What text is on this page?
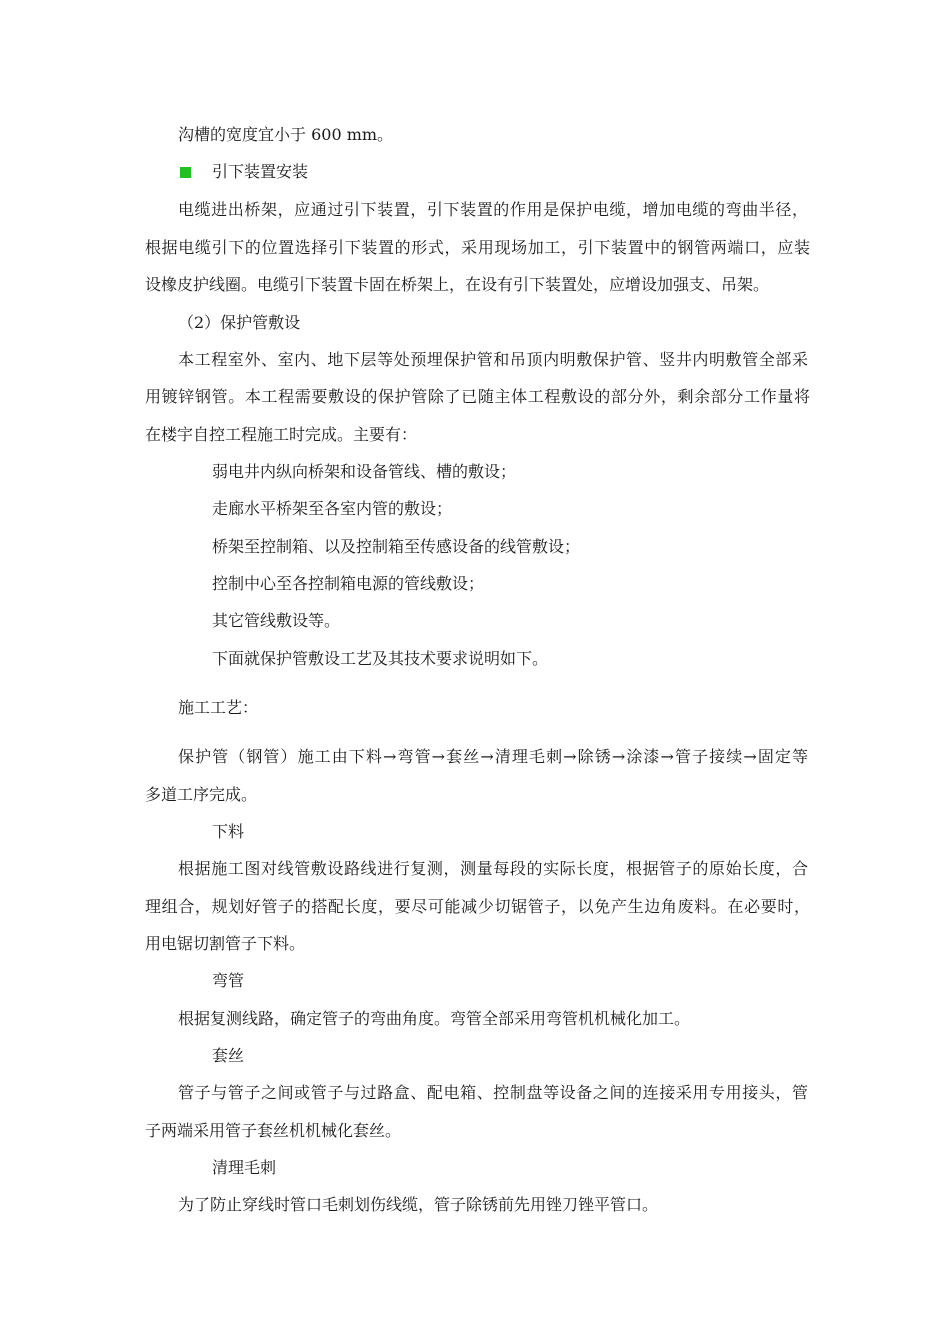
沟槽的宽度宜小于 600 mm。
引下装置安装
电缆进出桥架，应通过引下装置，引下装置的作用是保护电缆，增加电缆的弯曲半径，
根据电缆引下的位置选择引下装置的形式，采用现场加工，引下装置中的钢管两端口，应装
设橡皮护线圈。电缆引下装置卡固在桥架上，在设有引下装置处，应增设加强支、吊架。
（2）保护管敷设
本工程室外、室内、地下层等处预埋保护管和吊顶内明敷保护管、竖井内明敷管全部采
用镀锌钢管。本工程需要敷设的保护管除了已随主体工程敷设的部分外，剩余部分工作量将
在楼宇自控工程施工时完成。主要有：
弱电井内纵向桥架和设备管线、槽的敷设；
走廊水平桥架至各室内管的敷设；
桥架至控制箱、以及控制箱至传感设备的线管敷设；
控制中心至各控制箱电源的管线敷设；
其它管线敷设等。
下面就保护管敷设工艺及其技术要求说明如下。
施工工艺：
保护管（钢管）施工由下料→弯管→套丝→清理毛刺→除锈→涂漆→管子接续→固定等
多道工序完成。
下料
根据施工图对线管敷设路线进行复测，测量每段的实际长度，根据管子的原始长度，合
理组合，规划好管子的搭配长度，要尽可能减少切锯管子，以免产生边角废料。在必要时，
用电锯切割管子下料。
弯管
根据复测线路，确定管子的弯曲角度。弯管全部采用弯管机机械化加工。
套丝
管子与管子之间或管子与过路盒、配电箱、控制盘等设备之间的连接采用专用接头，管
子两端采用管子套丝机机械化套丝。
清理毛刺
为了防止穿线时管口毛刺划伤线缆，管子除锈前先用锉刀锉平管口。
